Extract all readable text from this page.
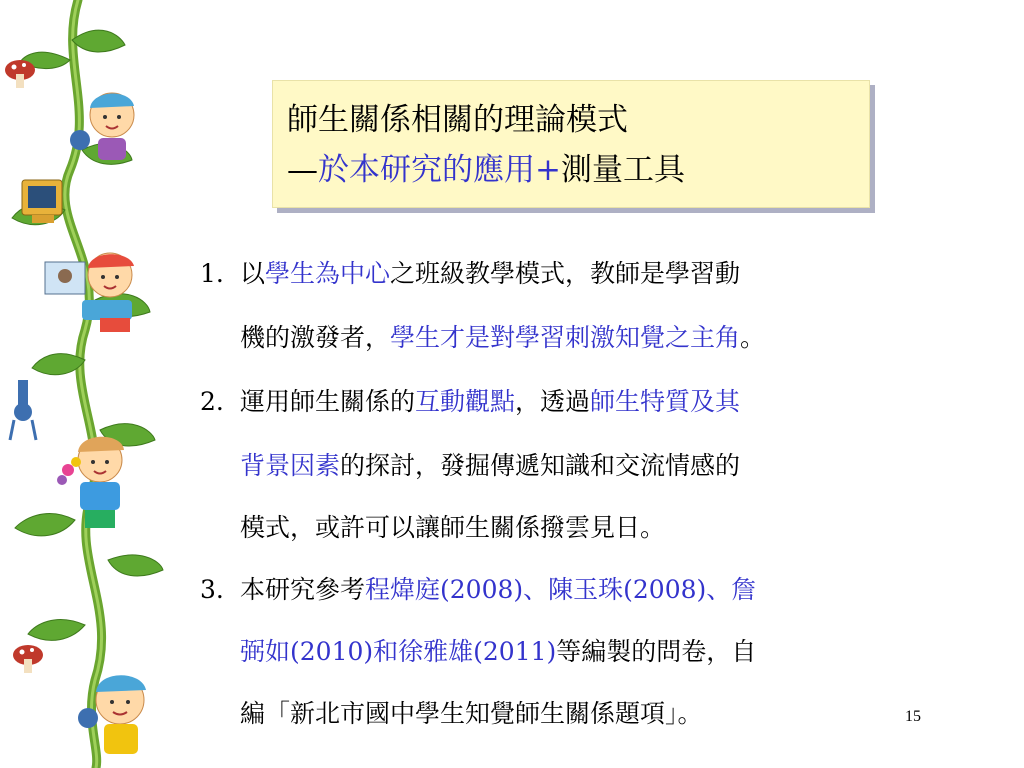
師生關係相關的理論模式
—於本研究的應用+測量工具
1. 以學生為中心之班級教學模式，教師是學習動
機的激發者，學生才是對學習刺激知覺之主角。
2. 運用師生關係的互動觀點，透過師生特質及其
背景因素的探討，發掘傳遞知識和交流情感的
模式，或許可以讓師生關係撥雲見日。
3. 本研究參考程煒庭(2008)、陳玉珠(2008)、詹
弼如(2010)和徐雅雄(2011)等編製的問卷，自
編「新北市國中學生知覺師生關係題項」。	15
